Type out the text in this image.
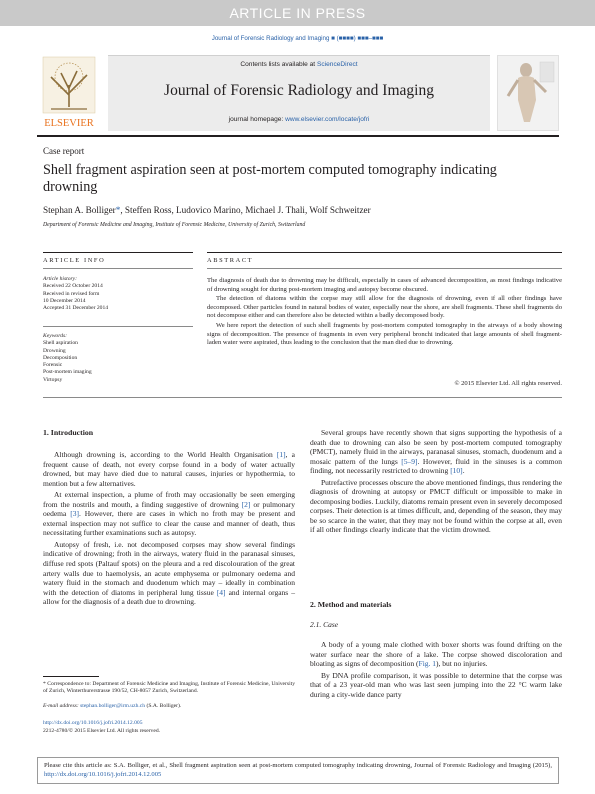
ARTICLE IN PRESS
Journal of Forensic Radiology and Imaging ■ (■■■■) ■■■–■■■
ELSEVIER
Contents lists available at ScienceDirect
Journal of Forensic Radiology and Imaging
journal homepage: www.elsevier.com/locate/jofri
Case report
Shell fragment aspiration seen at post-mortem computed tomography indicating drowning
Stephan A. Bolliger*, Steffen Ross, Ludovico Marino, Michael J. Thali, Wolf Schweitzer
Department of Forensic Medicine and Imaging, Institute of Forensic Medicine, University of Zurich, Switzerland
ARTICLE INFO	ABSTRACT
Article history:
Received 22 October 2014
Received in revised form
10 December 2014
Accepted 31 December 2014
Keywords:
Shell aspiration
Drowning
Decomposition
Forensic
Post-mortem imaging
Virtopsy

The diagnosis of death due to drowning may be difficult, especially in cases of advanced decomposition, as most findings indicative of drowning sought for during post-mortem imaging and autopsy become obscured.

The detection of diatoms within the corpse may still allow for the diagnosis of drowning, even if all other findings have decomposed. Other particles found in natural bodies of water, especially near the shore, are shell fragments. These shell fragments do not decompose either and can therefore also be detected within a badly decomposed body.

We here report the detection of such shell fragments by post-mortem computed tomography in the airways of a body showing signs of decomposition. The presence of fragments in even very peripheral bronchi indicated that large amounts of shell fragment-laden water were aspirated, thus leading to the conclusion that the man died due to drowning.

© 2015 Elsevier Ltd. All rights reserved.
1. Introduction

Although drowning is, according to the World Health Organisation [1], a frequent cause of death, not every corpse found in a body of water actually drowned, but may have died due to natural causes, injuries or hypothermia, to mention but a few alternatives.

At external inspection, a plume of froth may occasionally be seen emerging from the nostrils and mouth, a finding suggestive of drowning [2] or pulmonary oedema [3]. However, there are cases in which no froth may be present and external inspection may not suffice to clear the cause and manner of death, thus necessitating further examinations such as autopsy.

Autopsy of fresh, i.e. not decomposed corpses may show several findings indicative of drowning; froth in the airways, watery fluid in the paranasal sinuses, diffuse red spots (Paltauf spots) on the pleura and a red discolouration of the great artery walls due to haemolysis, an acute emphysema or pulmonary oedema and watery fluid in the stomach and duodenum which may – ideally in combination with the detection of diatoms in peripheral lung tissue [4] and internal organs – allow for the diagnosis of a death due to drowning.

* Correspondence to: Department of Forensic Medicine and Imaging, Institute of Forensic Medicine, University of Zurich, Winterthurerstrasse 190/52, CH-8057 Zurich, Switzerland.
E-mail address: stephan.bolliger@irm.uzh.ch (S.A. Bolliger).
http://dx.doi.org/10.1016/j.jofri.2014.12.005
2212-4780/© 2015 Elsevier Ltd. All rights reserved.

Several groups have recently shown that signs supporting the hypothesis of a death due to drowning can also be seen by post-mortem computed tomography (PMCT), namely fluid in the airways, paranasal sinuses, stomach, duodenum and a mosaic pattern of the lungs [5–9]. However, fluid in the sinuses is a common finding, not necessarily restricted to drowning [10].

Putrefactive processes obscure the above mentioned findings, thus rendering the diagnosis of drowning at autopsy or PMCT difficult or impossible to make in decomposing bodies. Luckily, diatoms remain present even in severely decomposed corpses. Their detection is at times difficult, and, depending of the season, they may be so scarce in the water, that they may not be found within the corpse at all, even if all other findings clearly indicate that the victim drowned.

2. Method and materials
2.1. Case

A body of a young male clothed with boxer shorts was found drifting on the water surface near the shore of a lake. The corpse showed discoloration and bloating as signs of decomposition (Fig. 1), but no injuries.

By DNA profile comparison, it was possible to determine that the corpse was that of a 23 year-old man who was last seen jumping into the 22 °C warm lake during a city-wide dance party

Please cite this article as: S.A. Bolliger, et al., Shell fragment aspiration seen at post-mortem computed tomography indicating drowning, Journal of Forensic Radiology and Imaging (2015), http://dx.doi.org/10.1016/j.jofri.2014.12.005
